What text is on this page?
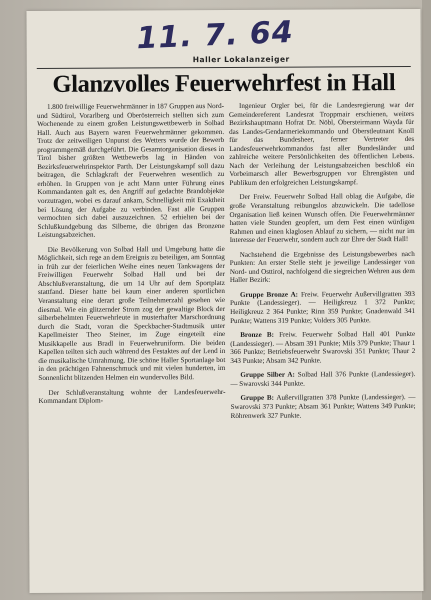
11. 7. 64
Haller Lokalanzeiger
Glanzvolles Feuerwehrfest in Hall
1.800 freiwillige Feuerwehrmänner in 187 Gruppen aus Nord- und Südtirol, Vorarlberg und Oberösterreich stellten sich zum Wochenende zu einem großen Leistungswettbewerb in Solbad Hall. Auch aus Bayern waren Feuerwehrmänner gekommen. Trotz der zeitweiligen Unpunst des Wetters wurde der Bewerb programmgemäß durchgeführt. Die Gesamtorganisation dieses in Tirol bisher größten Wettbewerbs lag in Händen von Bezirksfeuerwehrinspektor Parth. Der Leistungskampf soll dazu beitragen, die Schlagkraft der Feuerwehren wesentlich zu erhöhen. In Gruppen von je acht Mann unter Führung eines Kommandanten galt es, den Angriff auf gedachte Brandobjekte vorzutragen, wobei es darauf ankam, Schnelligkeit mit Exaktheit bei Lösung der Aufgabe zu verbinden. Fast alle Gruppen vermochten sich dabei auszuzeichnen. 52 erhielten bei der Schlußkundgebung das Silberne, die übrigen das Bronzene Leistungsabzeichen.
Die Bevölkerung von Solbad Hall und Umgebung hatte die Möglichkeit, sich rege an dem Ereignis zu beteiligen, am Sonntag in früh zur der feierlichen Weihe eines neuen Tankwagens der Freiwilligen Feuerwehr Solbad Hall und bei der Abschlußveranstaltung, die um 14 Uhr auf dem Sportplatz stattfand. Dieser hatte bei kaum einer anderen sportlichen Veranstaltung eine derart große Teilnehmerzahl gesehen wie diesmal. Wie ein glitzernder Strom zog der gewaltige Block der silberbehelmten Feuerwehrleute in musterhafter Marschordnung durch die Stadt, voran die Speckbacher-Stadtmusik unter Kapellmeister Theo Steiner, im Zuge eingeteilt eine Musikkapelle aus Bradl in Feuerwehruniform. Die beiden Kapellen teilten sich auch während des Festaktes auf der Lend in die musikalische Umrahmung. Die schöne Haller Sportanlage bot in den prächtigen Fahnenschmuck und mit vielen hunderten, im Sonnenlicht blitzenden Helmen ein wundervolles Bild.
Der Schlußveranstaltung wohnte der Landesfeuerwehr-Kommandant Diplom-
Ingenieur Orgler bei, für die Landesregierung war der Gemeindereferent Landesrat Troppmair erschienen, weiters Bezirkshauptmann Hofrat Dr. Nöbl, Obersteirmann Wayda für das Landes-Gendarmeriekommando und Oberstleutnant Knoll für das Bundesheer, ferner Vertreter des Landesfeuerwehrkommandos fast aller Bundesländer und zahlreiche weitere Persönlichkeiten des öffentlichen Lebens. Nach der Verleihung der Leistungsabzeichen beschloß ein Vorbeimarsch aller Bewerbsgruppen vor Ehrengästen und Publikum den erfolgreichen Leistungskampf.
Der Freiw. Feuerwehr Solbad Hall oblag die Aufgabe, die große Veranstaltung reibungslos abzuwickeln. Die tadellose Organisation ließ keinen Wunsch offen. Die Feuerwehrmänner hatten viele Stunden geopfert, um dem Fest einen würdigen Rahmen und einen klaglosen Ablauf zu sichern, — nicht nur im Interesse der Feuerwehr, sondern auch zur Ehre der Stadt Hall!
Nachstehend die Ergebnisse des Leistungsbewerbes nach Punkten: An erster Stelle steht je jeweilige Landessieger von Nord- und Osttirol, nachfolgend die siegreichen Wehren aus dem Haller Bezirk:
Gruppe Bronze A: Freiw. Feuerwehr Außervillgratten 393 Punkte (Landessieger). — Heiligkreuz 1 372 Punkte; Heiligkreuz 2 364 Punkte; Rinn 359 Punkte; Gnadenwald 341 Punkte; Wattens 319 Punkte; Volders 305 Punkte.
Bronze B: Freiw. Feuerwehr Solbad Hall 401 Punkte (Landessieger). — Absam 391 Punkte; Mils 379 Punkte; Thaur 1 366 Punkte; Betriebsfeuerwehr Swarovski 351 Punkte; Thaur 2 343 Punkte; Absam 342 Punkte.
Gruppe Silber A: Solbad Hall 376 Punkte (Landessieger). — Swarovski 344 Punkte.
Gruppe B: Außervillgratten 378 Punkte (Landessieger). — Swarovski 373 Punkte; Absam 361 Punkte; Wattens 349 Punkte; Röhrenwerk 327 Punkte.
